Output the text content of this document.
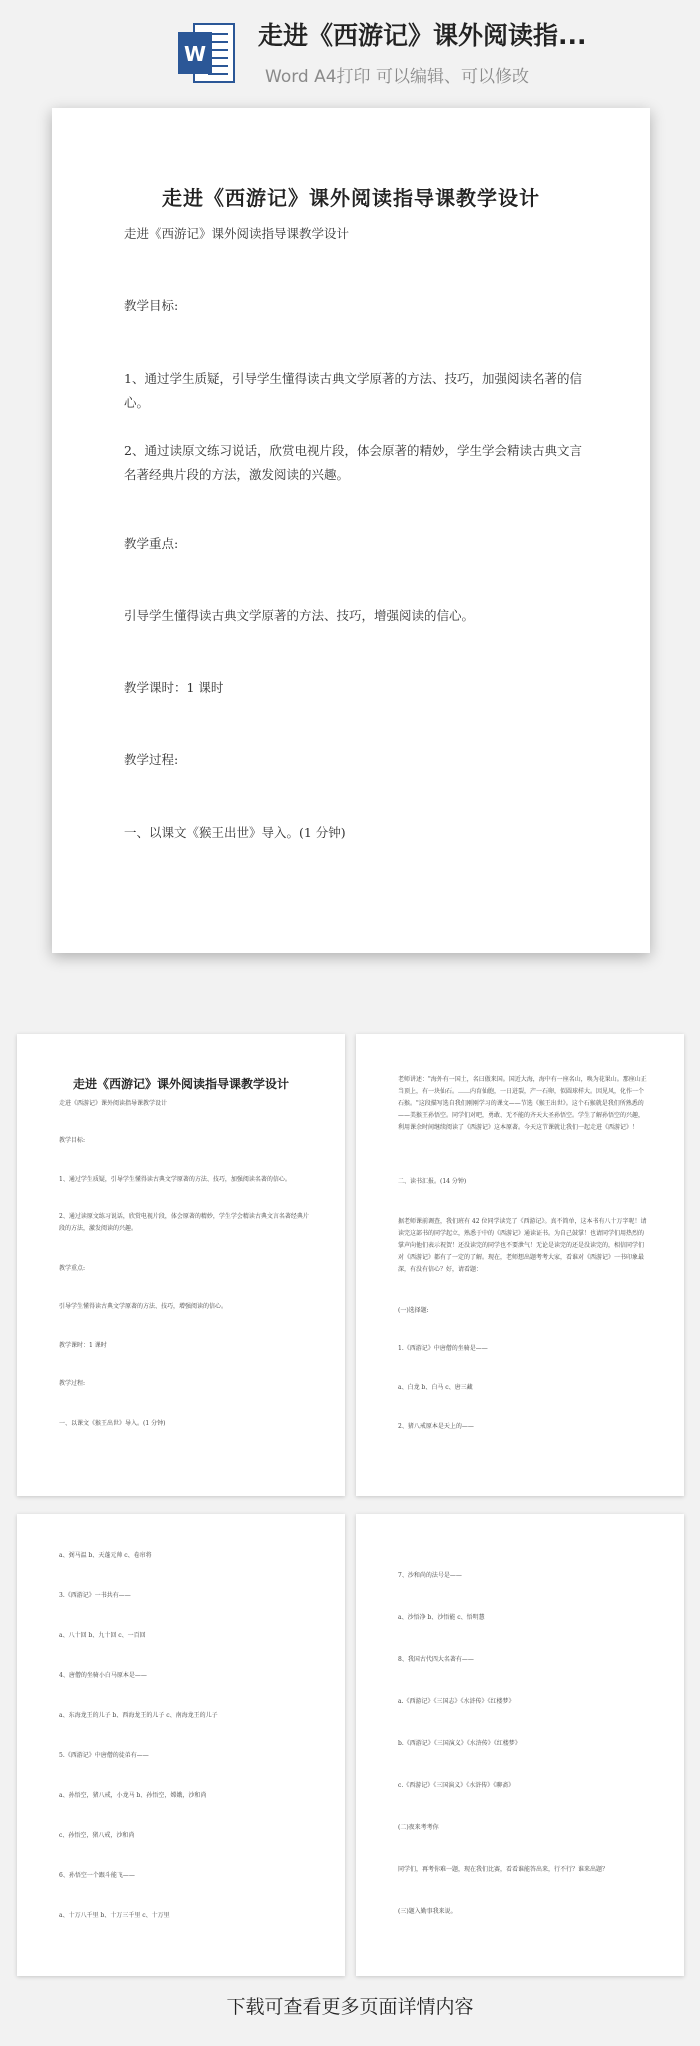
W
走进《西游记》课外阅读指...
Word A4打印 可以编辑、可以修改
走进《西游记》课外阅读指导课教学设计
走进《西游记》课外阅读指导课教学设计
教学目标:
1、通过学生质疑，引导学生懂得读古典文学原著的方法、技巧，加强阅读名著的信心。
2、通过读原文练习说话，欣赏电视片段，体会原著的精妙，学生学会精读古典文言名著经典片段的方法，激发阅读的兴趣。
教学重点:
引导学生懂得读古典文学原著的方法、技巧，增强阅读的信心。
教学课时：1 课时
教学过程:
一、以课文《猴王出世》导入。(1 分钟)
走进《西游记》课外阅读指导课教学设计
走进《西游记》课外阅读指导课教学设计
教学目标:
1、通过学生质疑，引导学生懂得读古典文学原著的方法、技巧，加强阅读名著的信心。
2、通过读原文练习说话，欣赏电视片段，体会原著的精妙，学生学会精读古典文言名著经典片段的方法，激发阅读的兴趣。
教学重点:
引导学生懂得读古典文学原著的方法、技巧，增强阅读的信心。
教学课时：1 课时
教学过程:
一、以课文《猴王出世》导入。(1 分钟)
老师讲述："海外有一国土，名曰傲来国。国近大海，海中有一座名山，唤为花果山。那座山正当顶上，有一块仙石。……内育仙胞，一日迸裂，产一石卵，似圆球样大。因见风，化作一个石猴。"这段描写选自我们刚刚学习的课文——节选《猴王出世》。这个石猴就是我们所熟悉的——美猴王孙悟空。同学们对吧，勇敢、无不能的齐天大圣孙悟空。学生了解孙悟空的兴趣，利用课余时间继续阅读了《西游记》这本原著。今天这节课就让我们一起走进《西游记》！
二、读书汇报。(14 分钟)
据老师课前调查，我们班有 42 位同学读完了《西游记》。真不简单，这本书有八十万字呢！请读完这部书的同学起立，熟悉于中的《西游记》通读证书。为自己鼓掌！也请同学们用热烈的掌声向他们表示祝贺！还没读完的同学也不要泄气！无论是读完的还是没读完的，相信同学们对《西游记》都有了一定的了解。现在，老师想出题考考大家，看谁对《西游记》一书印象最深，有没有信心？好，请看题：
(一)选择题:
1.《西游记》中唐僧的坐骑是——
a、白龙 b、白马 c、唐三藏
2、猪八戒原本是天上的——
a、弼马温 b、天蓬元帅 c、卷帘将
3.《西游记》一书共有——
a、八十回 b、九十回 c、一百回
4、唐僧的坐骑小白马原本是——
a、东海龙王的儿子 b、西海龙王的儿子 c、南海龙王的儿子
5.《西游记》中唐僧的徒弟有——
a、孙悟空，猪八戒，小龙马 b、孙悟空，嫦娥，沙和尚
c、孙悟空，猪八戒，沙和尚
6、孙悟空一个跟斗能飞——
a、十万八千里 b、十万三千里 c、十万里
7、沙和尚的法号是——
a、沙悟净 b、沙悟能 c、悟明慧
8、我国古代四大名著有——
a.《西游记》《三国志》《水浒传》《红楼梦》
b.《西游记》《三国演义》《水浒传》《红楼梦》
c.《西游记》《三国演义》《水浒传》《聊斋》
(二)夜来考考你
同学们，再考你难一题，现在我们比赛，看看谁能答出来，行不行？谁来出题？
(三)题入勤事我来说。
下载可查看更多页面详情内容
